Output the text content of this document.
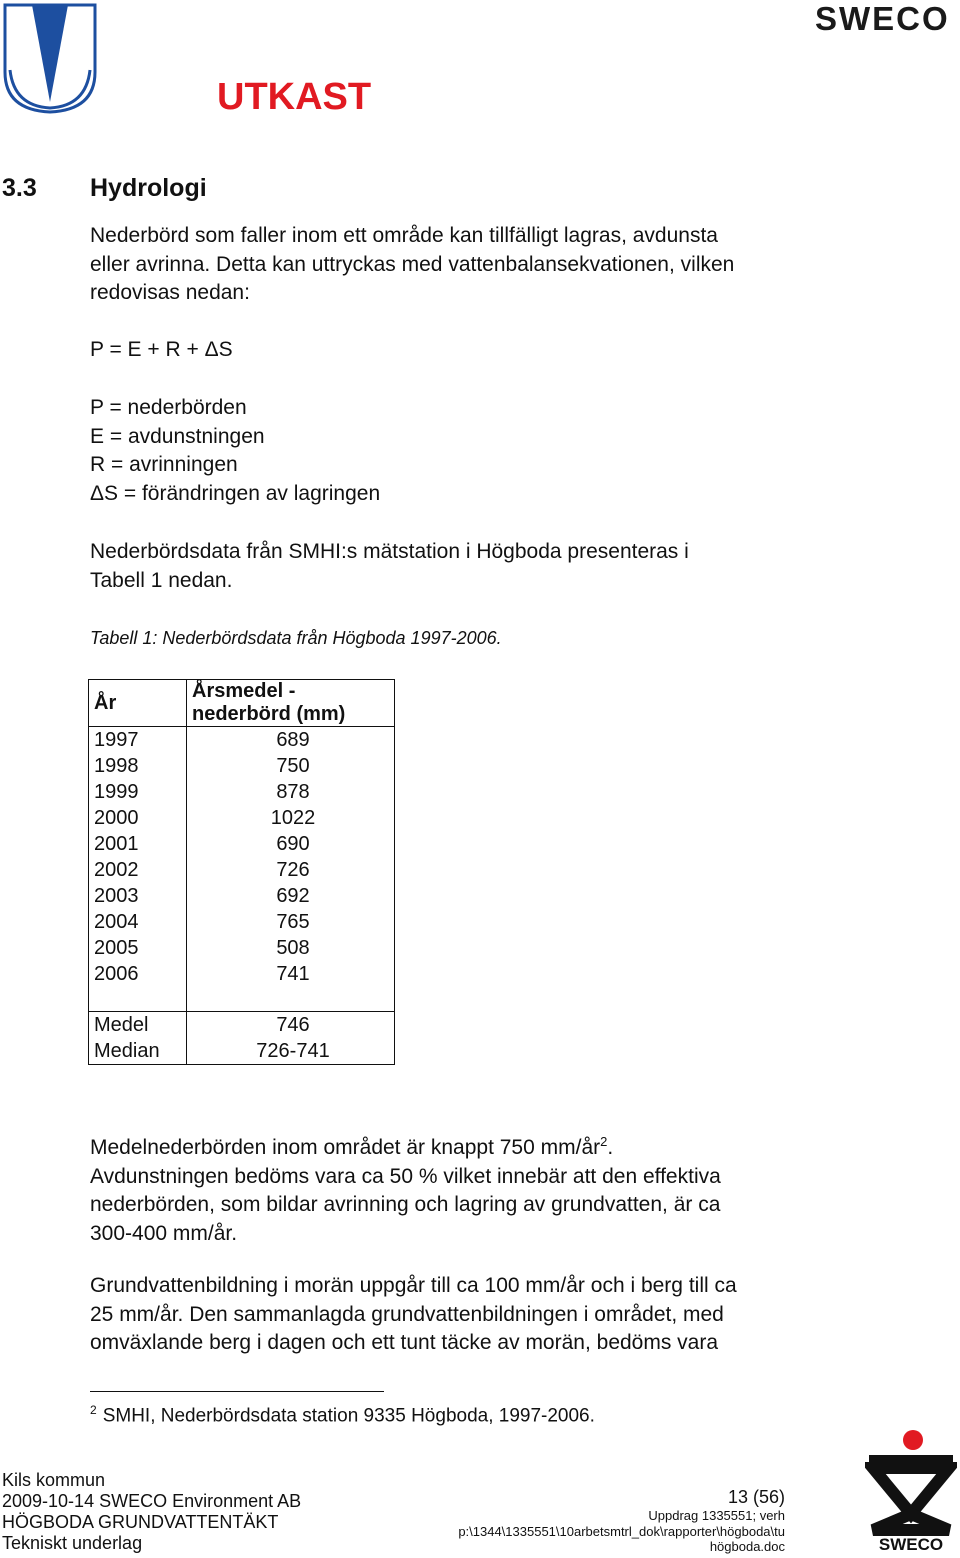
SWECO
UTKAST
3.3 Hydrologi
Nederbörd som faller inom ett område kan tillfälligt lagras, avdunsta
eller avrinna. Detta kan uttryckas med vattenbalansekvationen, vilken
redovisas nedan:
P = E + R + ΔS
P = nederbörden
E = avdunstningen
R = avrinningen
ΔS = förändringen av lagringen
Nederbördsdata från SMHI:s mätstation i Högboda presenteras i
Tabell 1 nedan.
Tabell 1: Nederbördsdata från Högboda 1997-2006.
År	Årsmedel -
nederbörd (mm)

1997	689
1998	750
1999	878
2000	1022
2001	690
2002	726
2003	692
2004	765
2005	508
2006	741

Medel	746
Median	726-741
Medelnederbörden inom området är knappt 750 $mm/år^2$.
Avdunstningen bedöms vara ca 50 % vilket innebär att den effektiva
nederbörden, som bildar avrinning och lagring av grundvatten, är ca
300-400 mm/år.
Grundvattenbildning i morän uppgår till ca 100 mm/år och i berg till ca
25 mm/år. Den sammanlagda grundvattenbildningen i området, med
omväxlande berg i dagen och ett tunt täcke av morän, bedöms vara
$^2$ SMHI, Nederbördsdata station 9335 Högboda, 1997-2006.
Kils kommun
2009-10-14 SWECO Environment AB
HÖGBODA GRUNDVATTENTÄKT
Tekniskt underlag
13 (56)
Uppdrag 1335551; verh
p:\1344\1335551\10arbetsmtrl_dok\rapporter\högboda\tu
högboda.doc	SWECO
